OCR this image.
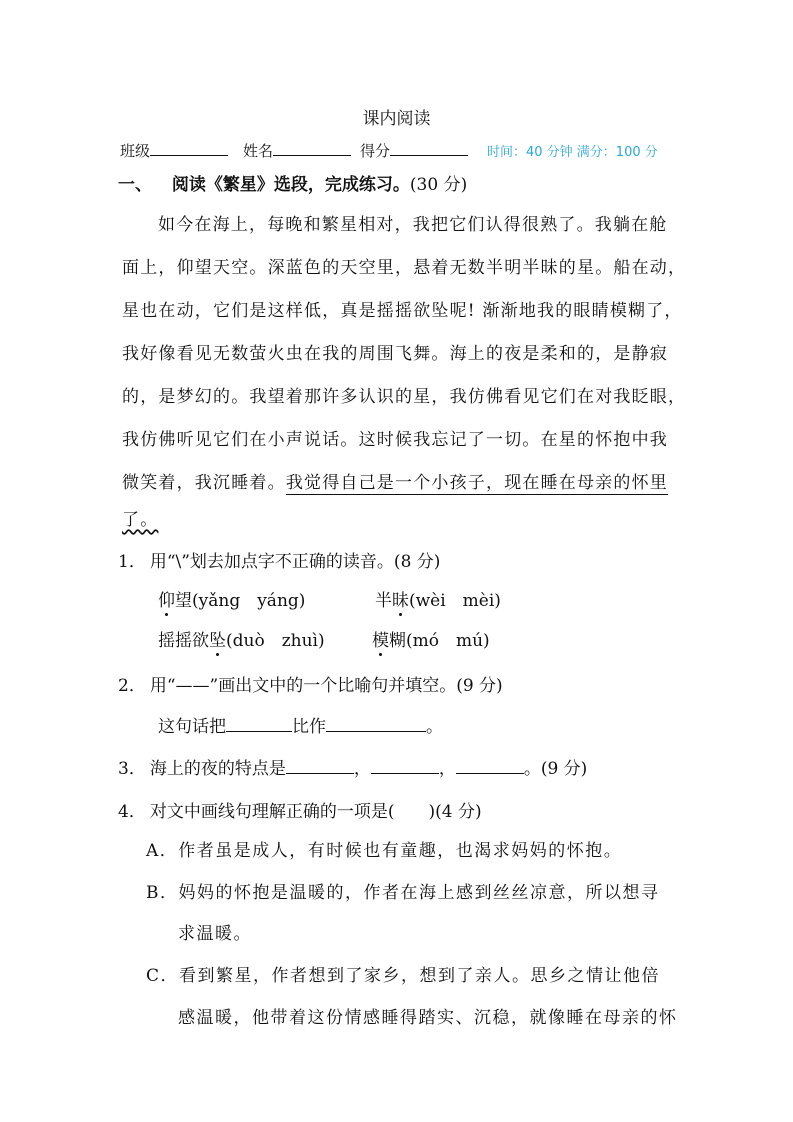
课内阅读
班级	姓名	得分	时间：40 分钟 满分：100 分
一、 阅读《繁星》选段，完成练习。(30 分)
如今在海上，每晚和繁星相对，我把它们认得很熟了。我躺在舱
面上，仰望天空。深蓝色的天空里，悬着无数半明半昧的星。船在动，
星也在动，它们是这样低，真是摇摇欲坠呢! 渐渐地我的眼睛模糊了，
我好像看见无数萤火虫在我的周围飞舞。海上的夜是柔和的，是静寂
的，是梦幻的。我望着那许多认识的星，我仿佛看见它们在对我眨眼，
我仿佛听见它们在小声说话。这时候我忘记了一切。在星的怀抱中我
微笑着，我沉睡着。我觉得自己是一个小孩子，现在睡在母亲的怀里
了。
1． 用“\”划去加点字不正确的读音。(8 分)
仰望(yǎng　yáng)	半昧(wèi　mèi)
摇摇欲坠(duò　zhuì)	模糊(mó　mú)
2． 用“——”画出文中的一个比喻句并填空。(9 分)
这句话把	比作	。
3． 海上的夜的特点是	，	，	。(9 分)
4． 对文中画线句理解正确的一项是(　　)(4 分)
A．作者虽是成人，有时候也有童趣，也渴求妈妈的怀抱。
B．妈妈的怀抱是温暖的，作者在海上感到丝丝凉意，所以想寻
求温暖。
C．看到繁星，作者想到了家乡，想到了亲人。思乡之情让他倍
感温暖，他带着这份情感睡得踏实、沉稳，就像睡在母亲的怀
